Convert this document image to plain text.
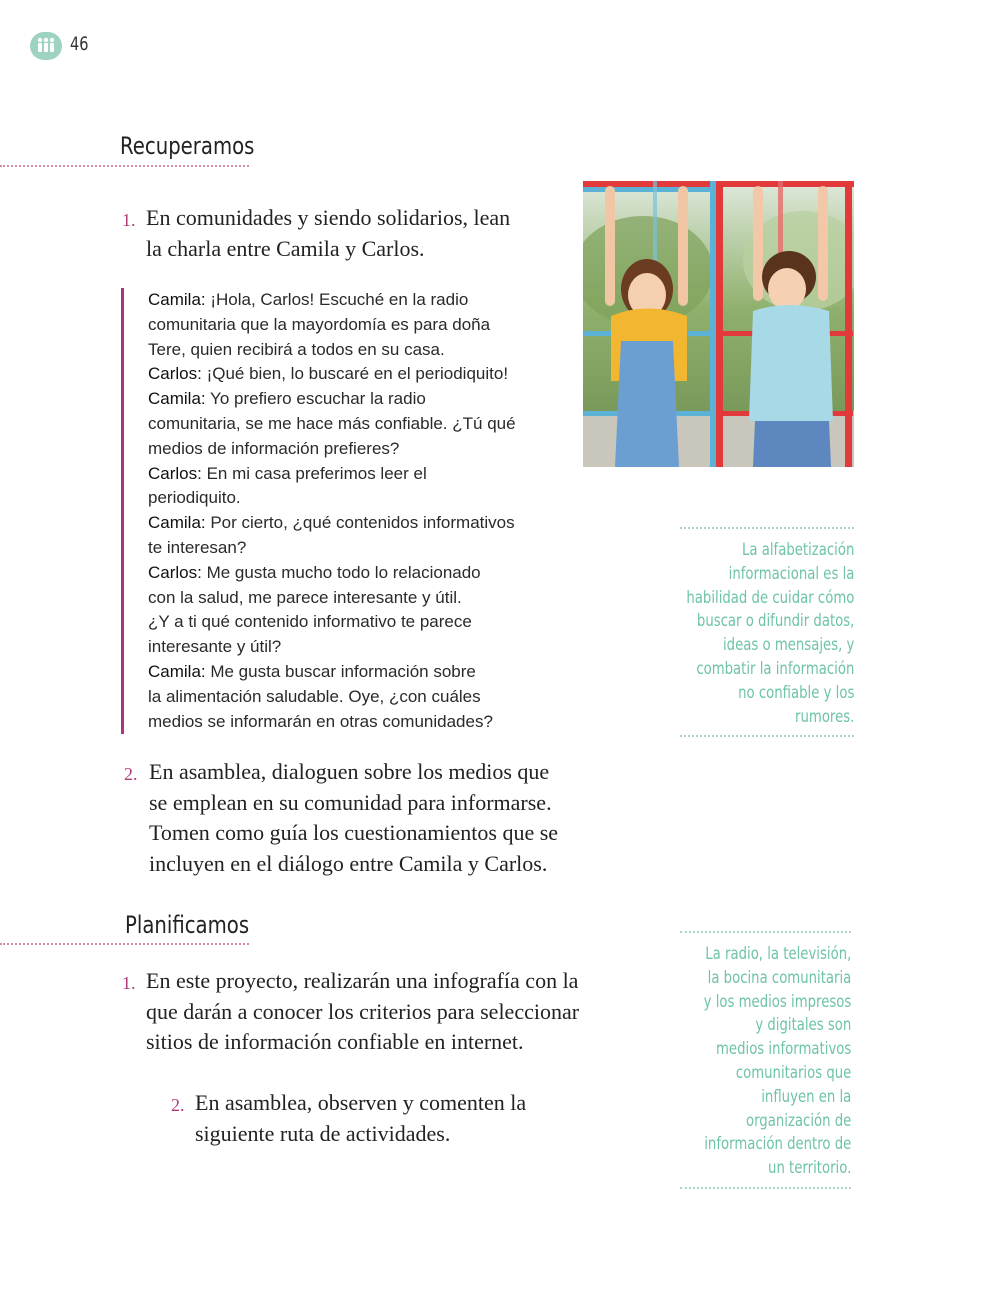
46
Recuperamos
1. En comunidades y siendo solidarios, lean
la charla entre Camila y Carlos.
Camila: ¡Hola, Carlos! Escuché en la radio
comunitaria que la mayordomía es para doña
Tere, quien recibirá a todos en su casa.
Carlos: ¡Qué bien, lo buscaré en el periodiquito!
Camila: Yo prefiero escuchar la radio
comunitaria, se me hace más confiable. ¿Tú qué
medios de información prefieres?
Carlos: En mi casa preferimos leer el
periodiquito.
Camila: Por cierto, ¿qué contenidos informativos
te interesan?
Carlos: Me gusta mucho todo lo relacionado
con la salud, me parece interesante y útil.
¿Y a ti qué contenido informativo te parece
interesante y útil?
Camila: Me gusta buscar información sobre
la alimentación saludable. Oye, ¿con cuáles
medios se informarán en otras comunidades?
La alfabetización
informacional es la
habilidad de cuidar cómo
buscar o difundir datos,
ideas o mensajes, y
combatir la información
no confiable y los
rumores.
2. En asamblea, dialoguen sobre los medios que
se emplean en su comunidad para informarse.
Tomen como guía los cuestionamientos que se
incluyen en el diálogo entre Camila y Carlos.
Planificamos
1. En este proyecto, realizarán una infografía con la
que darán a conocer los criterios para seleccionar
sitios de información confiable en internet.
2. En asamblea, observen y comenten la
siguiente ruta de actividades.
La radio, la televisión,
la bocina comunitaria
y los medios impresos
y digitales son
medios informativos
comunitarios que
influyen en la
organización de
información dentro de
un territorio.
